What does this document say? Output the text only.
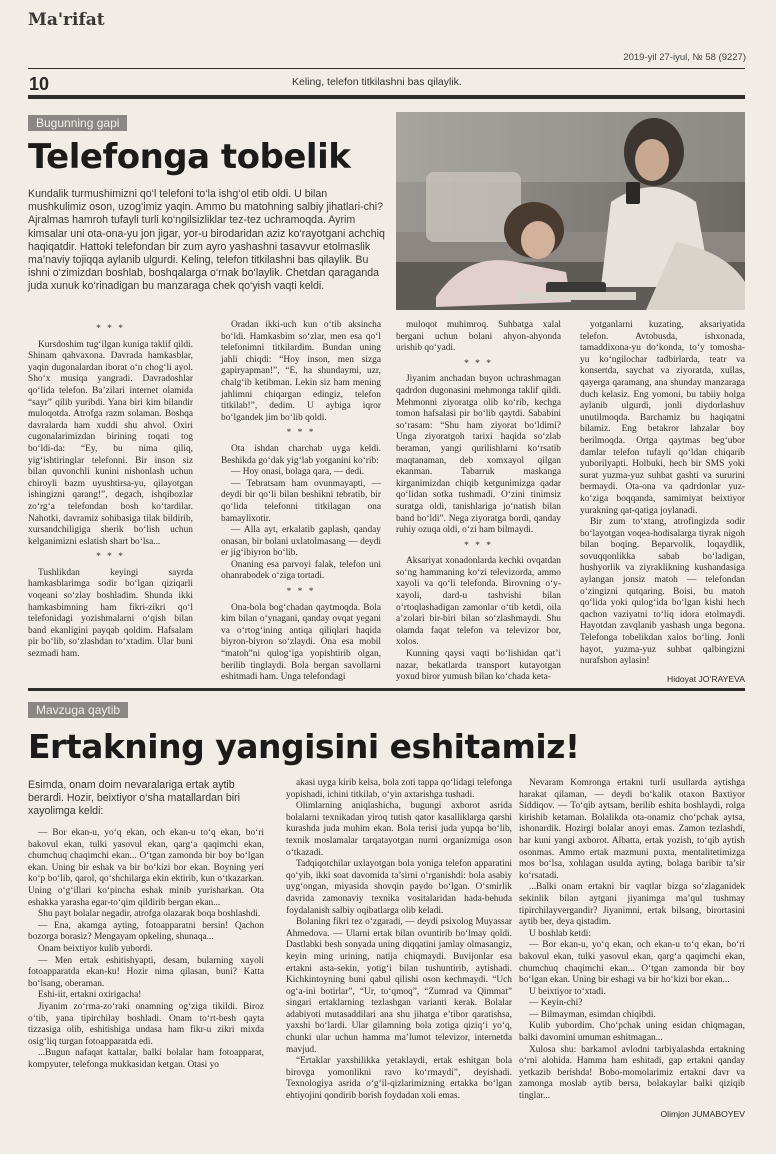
Ma'rifat
2019-yil 27-iyul, № 58 (9227)
10	Keling, telefon titkilashni bas qilaylik.
Bugunning gapi
Telefonga tobelik
Kundalik turmushimizni qo‘l telefoni to‘la ishg‘ol etib oldi. U bilan mushkulimiz oson, uzog‘imiz yaqin. Ammo bu matohning salbiy jihatlari-chi? Ajralmas hamroh tufayli turli ko‘ngilsizliklar tez-tez uchramoqda. Ayrim kimsalar uni ota-ona-yu jon jigar, yor-u birodaridan aziz ko‘rayotgani achchiq haqiqatdir. Hattoki telefondan bir zum ayro yashashni tasavvur etolmaslik ma’naviy tojiqqa aylanib ulgurdi. Keling, telefon titkilashni bas qilaylik. Bu ishni o‘zimizdan boshlab, boshqalarga o‘rnak bo‘laylik. Chetdan qaraganda juda xunuk ko‘rinadigan bu manzaraga chek qo‘yish vaqti keldi.

* * *

Kursdoshim tug‘ilgan kuniga taklif qildi. Shinam qahvaxona. Davrada hamkasblar, yaqin dugonalardan iborat o‘n chog‘li ayol. Sho‘x musiqa yangradi. Davradoshlar qo‘lida telefon. Ba’zilari internet olamida “sayr” qilib yuribdi. Yana biri kim bilandir muloqotda. Atrofga razm solaman. Boshqa davralarda ham xuddi shu ahvol. Oxiri cugonalarimizdan birining toqati tog bo‘ldi-da: “Ey, bu nima qiliq, yig‘ishtiringlar telefonni. Bir inson siz bilan quvonchli kunini nishonlash uchun chiroyli bazm uyushtirsa-yu, qilayotgan ishingizni qarang!”, degach, ishqibozlar zo‘rg‘a telefondan bosh ko‘tardilar. Nahotki, davramiz sohibasiga tilak bildirib, xursandchiligiga sherik bo‘lish uchun kelganimizni eslatish shart bo‘lsa...

* * *

Tushlikdan keyingi sayrda hamkasblarimga sodir bo‘lgan qiziqarli voqeani so‘zlay boshladim. Shunda ikki hamkasbimning ham fikri-zikri qo‘l telefonidagi yozishmalarni o‘qish bilan band ekanligini payqab qoldim. Hafsalam pir bo‘lib, so‘zlashdan to‘xtadim. Ular buni sezmadi ham.

Oradan ikki-uch kun o‘tib aksincha bo‘ldi. Hamkasbim so‘zlar, men esa qo‘l telefonimni titkilardim. Bundan uning jahli chiqdi: “Hoy inson, men sizga gapiryapman!”, “E, ha shundaymi, uzr, chalg‘ib ketibman. Lekin siz ham mening jahlimni chiqargan edingiz, telefon titkilab!”, dedim. U aybiga iqror bo‘lgandek jim bo‘lib qoldi.

* * *

Ota ishdan charchab uyga keldi. Beshikda go‘dak yig‘lab yotganini ko‘rib:

— Hoy onasi, bolaga qara, — dedi.

— Tebratsam ham ovunmayapti, — deydi bir qo‘li bilan beshikni tebratib, bir qo‘lida telefonni titkilagan ona bamaylixotir.

— Alla ayt, erkalatib gaplash, qanday onasan, bir bolani uxlatolmasang — deydi er jig‘ibiyron bo‘lib.

Onaning esa parvoyi falak, telefon uni ohanrabodek o‘ziga tortadi.

* * *

Ona-bola bog‘chadan qaytmoqda. Bola kim bilan o‘ynagani, qanday ovqat yegani va o‘rtog‘ining antiqa qiliqlari haqida biyron-biyron so‘zlaydi. Ona esa mobil “matoh”ni qulog‘iga yopishtirib olgan, berilib tinglaydi. Bola bergan savollarni eshitmadi ham. Unga telefondagi

muloqot muhimroq. Suhbatga xalal bergani uchun bolani ahyon-ahyonda urishib qo‘yadi.

* * *

Jiyanim anchadan buyon uchrashmagan qadrdon dugonasini mehmonga taklif qildi. Mehmonni ziyoratga olib ko‘rib, kechga tomon hafsalasi pir bo‘lib qaytdi. Sababini so‘rasam: “Shu ham ziyorat bo‘ldimi? Unga ziyoratgoh tarixi haqida so‘zlab beraman, yangi qurilishlarni ko‘rsatib maqtanaman, deb xomxayol qilgan ekanman. Tabarruk maskanga kirganimizdan chiqib ketgunimizga qadar qo‘lidan sotka tushmadi. O‘zini tinimsiz suratga oldi, tanishlariga jo‘natish bilan band bo‘ldi”. Negа ziyoratga bordi, qanday ruhiy ozuqa oldi, o‘zi ham bilmaydi.

* * *

Aksariyat xonadonlarda kechki ovqatdan so‘ng hammaning ko‘zi televizorda, ammo xayoli va qo‘li telefonda. Birovning o‘y-xayoli, dard-u tashvishi bilan o‘rtoqlashadigan zamonlar o‘tib ketdi, oila a’zolari bir-biri bilan so‘zlashmaydi. Shu olamda faqat telefon va televizor bor, xolos.

Kunning qaysi vaqti bo‘lishidan qat’i nazar, bekatlarda transport kutayotgan yoxud biror yumush bilan ko‘chada keta-

yotganlarni kuzating, aksariyatida telefon. Avtobusda, ishxonada, tamaddixona-yu do‘konda, to‘y tomosha-yu ko‘ngilochar tadbirlarda, teatr va konsertda, saychat va ziyoratda, xullas, qayerga qaramang, ana shunday manzaraga duch kelasiz. Eng yomoni, bu tabiiy holga aylanib ulgurdi, jonli diydorlashuv unutilmoqda. Barchamiz bu haqiqatni bilamiz. Eng betakror lahzalar boy berilmoqda. Ortga qaytmas beg‘ubor damlar telefon tufayli qo‘ldan chiqarib yuborilyapti. Holbuki, hech bir SMS yoki surat yuzma-yuz suhbat gashti va sururini bermaydi. Ota-ona va qadrdonlar yuz-ko‘ziga boqqanda, samimiyat beixtiyor yurakning qat-qatiga joylanadi.

Bir zum to‘xtang, atrofingizda sodir bo‘layotgan voqea-hodisalarga tiyrak nigoh bilan boqing. Beparvolik, loqaydlik, sovuqqonlikka sabab bo‘ladigan, hushyorlik va ziyraklikning kushandasiga aylangan jonsiz matoh — telefondan o‘zingizni qutqaring. Boisi, bu matoh qo‘lida yoki qulog‘ida bo‘lgan kishi hech qachon vaziyatni to‘liq idora etolmaydi. Hayotdan zavqlanib yashash unga begona. Telefonga tobelikdan xalos bo‘ling. Jonli hayot, yuzma-yuz suhbat qalbingizni nurafshon aylasin!

Hidoyat JO‘RAYEVA

Mavzuga qaytib
Ertakning yangisini eshitamiz!
Esimda, onam doim nevaralariga ertak aytib berardi. Hozir, beixtiyor o‘sha matallardan biri xayolimga keldi:

— Bor ekan-u, yo‘q ekan, och ekan-u to‘q ekan, bo‘ri bakovul ekan, tulki yasovul ekan, qarg‘a qaqimchi ekan, chumchuq chaqimchi ekan... O‘tgan zamonda bir boy bo‘lgan ekan. Uning bir eshak va bir bo‘kizi bor ekan. Boyning yeri ko‘p bo‘lib, qarol, qo‘shchilarga ekin ektirib, kun o‘tkazarkan. Uning o‘g‘illari ko‘pincha eshak minib yurisharkan. Ota eshakka yarasha egar-to‘qim qildirib bergan ekan...

Shu payt bolalar negadir, atrofga olazarak boqa boshlashdi.

— Ena, akamga ayting, fotoapparatni bersin! Qachon bozorga borasiz? Mengayam opkeling, shunaqa...

Onam beixtiyor kulib yubordi.

— Men ertak eshitishyapti, desam, bularning xayoli fotoapparatda ekan-ku! Hozir nima qilasan, buni? Katta bo‘lsang, oberaman.

Eshi-iit, ertakni oxirigacha!

Jiyanim zo‘rma-zo‘raki onamning og‘ziga tikildi. Biroz o‘tib, yana tipirchilay boshladi. Onam to‘rt-besh qayta tizzasiga olib, eshitishiga undasa ham fikr-u zikri mixda osig‘liq turgan fotoapparatda edi.

...Bugun nafaqat kattalar, balki bolalar ham fotoapparat, kompyuter, telefonga mukkasidan ketgan. Otasi yo

akasi uyga kirib kelsa, bola zoti tappa qo‘lidagi telefonga yopishadi, ichini titkilab, o‘yin axtarishga tushadi.

Olimlarning aniqlashicha, bugungi axborot asrida bolalarni texnikadan yiroq tutish qator kasalliklarga qarshi kurashda juda muhim ekan. Bola terisi juda yupqa bo‘lib, texnik moslamalar tarqatayotgan nurni organizmiga oson o‘tkazadi.

Tadqiqotchilar uxlayotgan bola yoniga telefon apparatini qo‘yib, ikki soat davomida ta’sirni o‘rganishdi: bola asabiy uyg‘ongan, miyasida shovqin paydo bo‘lgan. O‘smirlik davrida zamonaviy texnika vositalaridan hada-behuda foydalanish salbiy oqibatlarga olib keladi.

Bolaning fikri tez o‘zgaradi, — deydi psixolog Muyassar Ahmedova. — Ularni ertak bilan ovuntirib bo‘lmay qoldi. Dastlabki besh sonyada uning diqqatini jamlay olmasangiz, keyin ming urining, natija chiqmaydi. Buvijonlar esa ertakni asta-sekin, yotig‘i bilan tushuntirib, aytishadi. Kichkintoyning buni qabul qilishi oson kechmaydi. “Uch og‘a-ini botirlar”, “Ur, to‘qmoq”, “Zumrad va Qimmat” singari ertaklarning tezlashgan varianti kerak. Bolalar adabiyoti mutasaddilari ana shu jihatga e’tibor qaratishsa, yaxshi bo‘lardi. Ular gilamning bola zotiga qiziq‘i yo‘q, chunki ular uchun hamma ma’lumot televizor, internetda mavjud.

“Ertaklar yaxshilikka yetaklaydi, ertak eshitgan bola birovga yomonlikni ravo ko‘rmaydi”, deyishadi. Texnologiya asrida o‘g‘il-qizlarimizning ertakka bo‘lgan ehtiyojini qondirib borish foydadan xoli emas.

Nevaram Komronga ertakni turli usullarda aytishga harakat qilaman, — deydi bo‘kalik otaxon Baxtiyor Siddiqov. — To‘qib aytsam, berilib eshita boshlaydi, rolga kirishib ketaman. Bolalikda ota-onamiz cho‘pchak aytsa, ishonardik. Hozirgi bolalar anoyi emas. Zamon tezlashdi, har kuni yangi axborot. Albatta, ertak yozish, to‘qib aytish osonmas. Ammo ertak mazmuni puxta, mentalitetimizga mos bo‘lsa, xohlagan usulda ayting, bolaga baribir ta’sir ko‘rsatadi.

...Balki onam ertakni bir vaqtlar bizga so‘zlaganidek sekinlik bilan aytgani jiyanimga ma’qul tushmay tipirchilayvergandir? Jiyanimni, ertak bilsang, birortasini aytib ber, deya qistadim.

U boshlab ketdi:

— Bor ekan-u, yo‘q ekan, och ekan-u to‘q ekan, bo‘ri bakovul ekan, tulki yasovul ekan, qarg‘a qaqimchi ekan, chumchuq chaqimchi ekan... O‘tgan zamonda bir boy bo‘lgan ekan. Uning bir eshagi va bir ho‘kizi bor ekan...

U beixtiyor to‘xtadi.

— Keyin-chi?

— Bilmayman, esimdan chiqibdi.

Kulib yubordim. Cho‘pchak uning esidan chiqmagan, balki davomini umuman eshitmagan...

Xulosa shu: barkamol avlodni tarbiyalashda ertakning o‘rni alohida. Hamma ham eshitadi, gap ertakni qanday yetkazib berishda! Bobo-momolarimiz ertakni davr va zamonga moslab aytib bersa, bolakaylar balki qiziqib tinglar...

Olimjon JUMABOYEV
